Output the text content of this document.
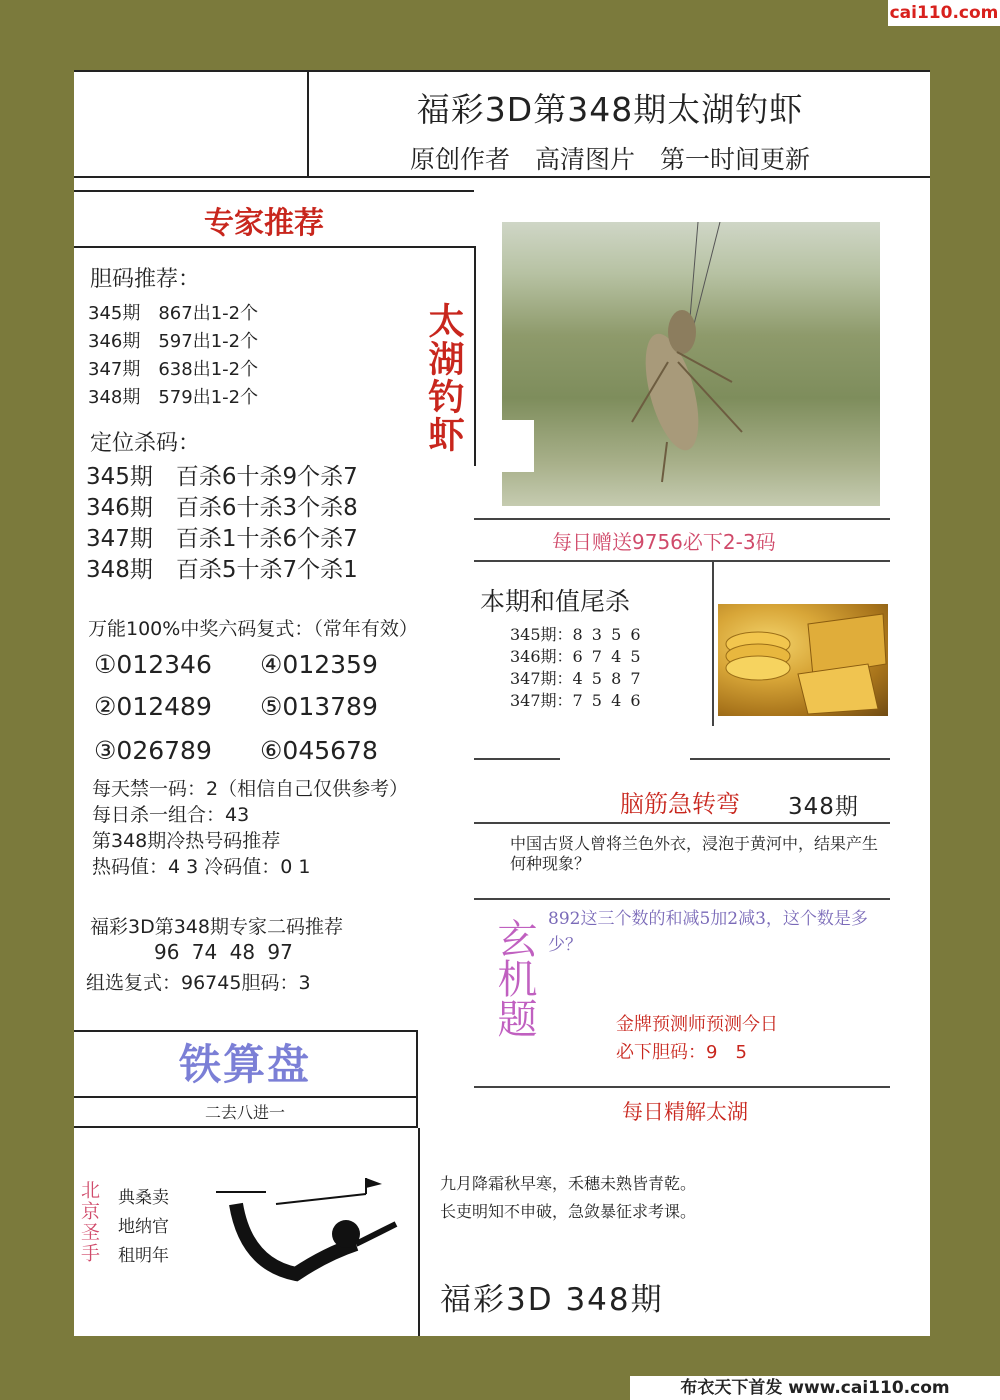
cai110.com
福彩3D第348期太湖钓虾
原创作者　高清图片　第一时间更新
专家推荐
太湖钓虾
胆码推荐：
345期　867出1-2个
346期　597出1-2个
347期　638出1-2个
348期　579出1-2个
定位杀码：
345期　百杀6十杀9个杀7
346期　百杀6十杀3个杀8
347期　百杀1十杀6个杀7
348期　百杀5十杀7个杀1
万能100%中奖六码复式：（常年有效）
①012346 ④012359
②012489 ⑤013789
③026789 ⑥045678
每天禁一码：2（相信自己仅供参考）
每日杀一组合：43
第348期冷热号码推荐
热码值：4 3 冷码值：0 1
福彩3D第348期专家二码推荐
96 74 48 97
组选复式：96745胆码：3
每日赠送9756必下2-3码
本期和值尾杀
345期：8 3 5 6
346期：6 7 4 5
347期：4 5 8 7
347期：7 5 4 6
脑筋急转弯 348期
中国古贤人曾将兰色外衣，浸泡于黄河中，结果产生何种现象？
玄机题 892这三个数的和减5加2减3，这个数是多少？
金牌预测师预测今日
必下胆码：9　5
每日精解太湖
铁算盘
二去八进一
北京圣手 典桑卖
地纳官
租明年
九月降霜秋早寒，禾穗未熟皆青乾。
长吏明知不申破，急敛暴征求考课。
福彩3D 348期
布衣天下首发 www.cai110.com
